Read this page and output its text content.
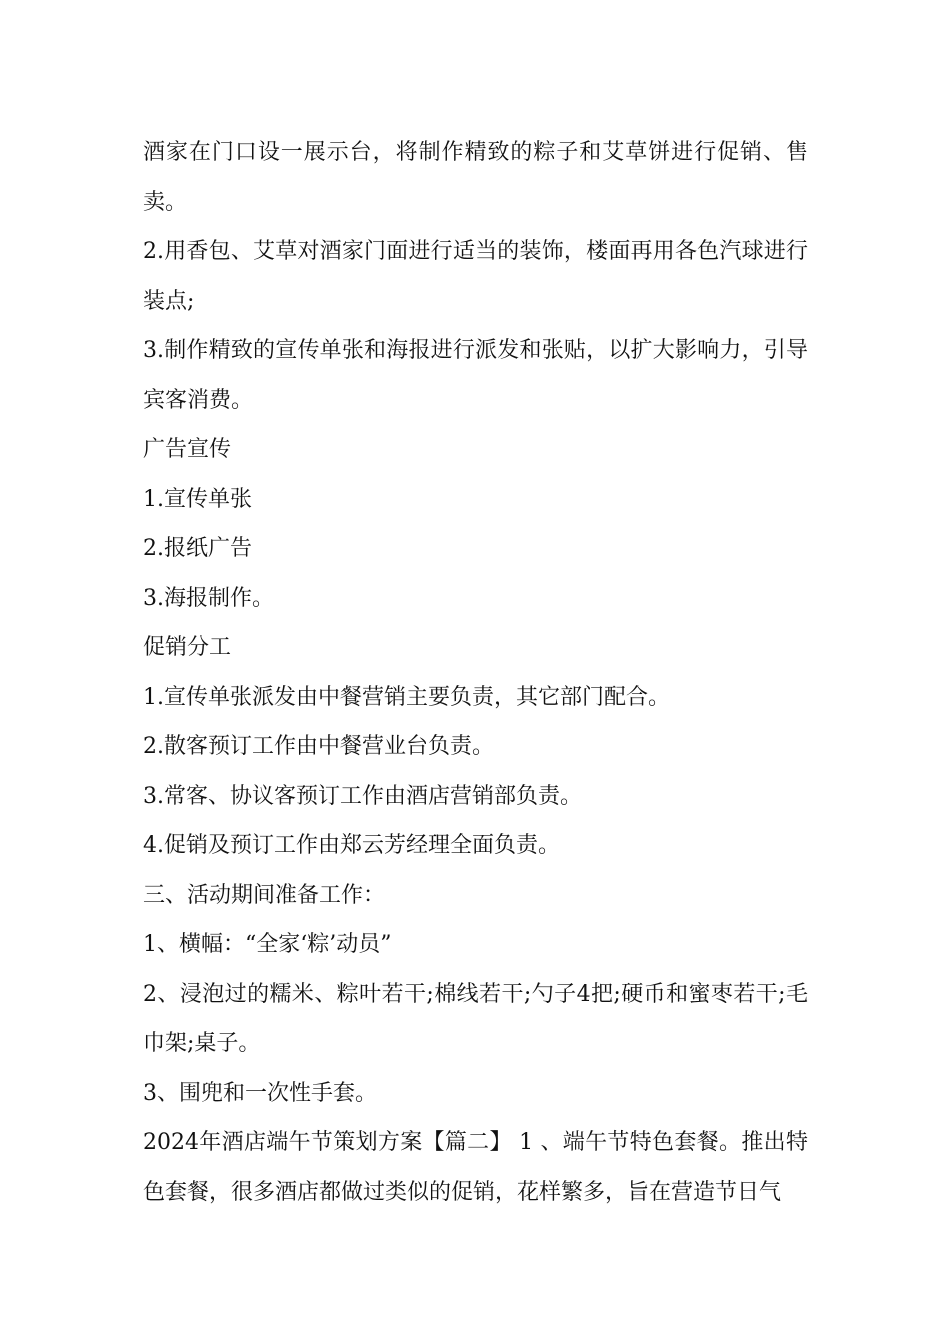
酒家在门口设一展示台，将制作精致的粽子和艾草饼进行促销、售卖。

2.用香包、艾草对酒家门面进行适当的装饰，楼面再用各色汽球进行装点;

3.制作精致的宣传单张和海报进行派发和张贴，以扩大影响力，引导宾客消费。

广告宣传

1.宣传单张

2.报纸广告

3.海报制作。

促销分工

1.宣传单张派发由中餐营销主要负责，其它部门配合。

2.散客预订工作由中餐营业台负责。

3.常客、协议客预订工作由酒店营销部负责。

4.促销及预订工作由郑云芳经理全面负责。

三、活动期间准备工作：

1、横幅：“全家‘粽’动员”

2、浸泡过的糯米、粽叶若干;棉线若干;勺子4把;硬币和蜜枣若干;毛巾架;桌子。

3、围兜和一次性手套。

2024年酒店端午节策划方案【篇二】 1 、端午节特色套餐。推出特色套餐，很多酒店都做过类似的促销，花样繁多，旨在营造节日气
